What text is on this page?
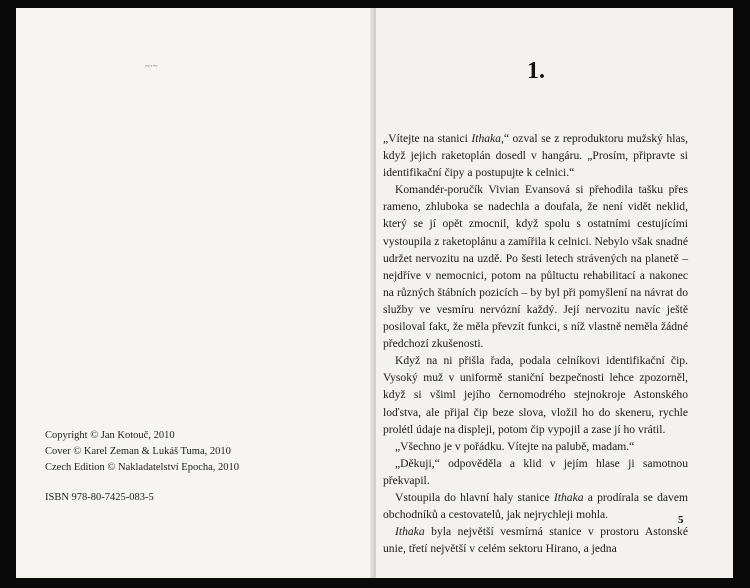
~·~
Copyright © Jan Kotouč, 2010
Cover © Karel Zeman & Lukáš Tuma, 2010
Czech Edition © Nakladatelství Epocha, 2010
ISBN 978-80-7425-083-5
1.

„Vítejte na stanici Ithaka,“ ozval se z reproduktoru mužský hlas, když jejich raketoplán dosedl v hangáru. „Prosím, připravte si identifikační čipy a postupujte k celnici.“

Komandér-poručík Vivian Evansová si přehodila tašku přes rameno, zhluboka se nadechla a doufala, že není vidět neklid, který se jí opět zmocnil, když spolu s ostatními cestujícími vystoupila z raketoplánu a zamířila k celnici. Nebylo však snadné udržet nervozitu na uzdě. Po šesti letech strávených na planetě – nejdříve v nemocnici, potom na půltuctu rehabilitací a nakonec na různých štábních pozicích – by byl při pomyšlení na návrat do služby ve vesmíru nervózní každý. Její nervozitu navíc ještě posiloval fakt, že měla převzít funkci, s níž vlastně neměla žádné předchozí zkušenosti.

Když na ni přišla řada, podala celníkovi identifikační čip. Vysoký muž v uniformě staniční bezpečnosti lehce zpozorněl, když si všiml jejího černomodrého stejnokroje Astonského loďstva, ale přijal čip beze slova, vložil ho do skeneru, rychle prolétl údaje na displeji, potom čip vypojil a zase jí ho vrátil.

„Všechno je v pořádku. Vítejte na palubě, madam.“

„Děkuji,“ odpověděla a klid v jejím hlase ji samotnou překvapil.

Vstoupila do hlavní haly stanice Ithaka a prodírala se davem obchodníků a cestovatelů, jak nejrychleji mohla.

Ithaka byla největší vesmírná stanice v prostoru Astonské unie, třetí největší v celém sektoru Hirano, a jedna

5
